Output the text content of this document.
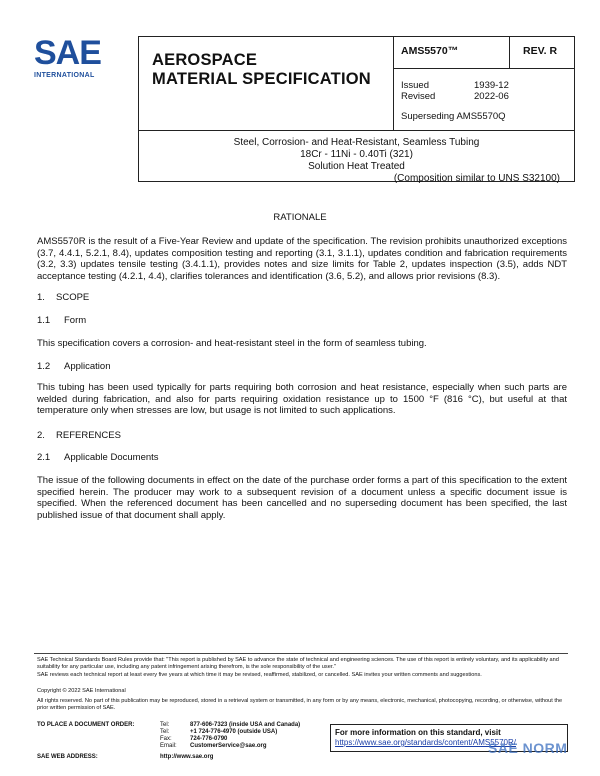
SAE
INTERNATIONAL
AEROSPACE
MATERIAL SPECIFICATION
AMS5570™	REV. R
Issued	1939-12
Revised	2022-06
Superseding AMS5570Q
Steel, Corrosion- and Heat-Resistant, Seamless Tubing
18Cr - 11Ni - 0.40Ti (321)
Solution Heat Treated
(Composition similar to UNS S32100)
RATIONALE
AMS5570R is the result of a Five-Year Review and update of the specification. The revision prohibits unauthorized exceptions (3.7, 4.4.1, 5.2.1, 8.4), updates composition testing and reporting (3.1, 3.1.1), updates condition and fabrication requirements (3.2, 3.3) updates tensile testing (3.4.1.1), provides notes and size limits for Table 2, updates inspection (3.5), adds NDT acceptance testing (4.2.1, 4.4), clarifies tolerances and identification (3.6, 5.2), and allows prior revisions (8.3).
1. SCOPE
1.1 Form
This specification covers a corrosion- and heat-resistant steel in the form of seamless tubing.
1.2 Application
This tubing has been used typically for parts requiring both corrosion and heat resistance, especially when such parts are welded during fabrication, and also for parts requiring oxidation resistance up to 1500 °F (816 °C), but useful at that temperature only when stresses are low, but usage is not limited to such applications.
2. REFERENCES
2.1 Applicable Documents
The issue of the following documents in effect on the date of the purchase order forms a part of this specification to the extent specified herein. The producer may work to a subsequent revision of a document unless a specific document issue is specified. When the referenced document has been cancelled and no superseding document has been specified, the last published issue of that document shall apply.
SAE Technical Standards Board Rules provide that: "This report is published by SAE to advance the state of technical and engineering sciences. The use of this report is entirely voluntary, and its applicability and suitability for any particular use, including any patent infringement arising therefrom, is the sole responsibility of the user."
SAE reviews each technical report at least every five years at which time it may be revised, reaffirmed, stabilized, or cancelled. SAE invites your written comments and suggestions.
Copyright © 2022 SAE International
All rights reserved. No part of this publication may be reproduced, stored in a retrieval system or transmitted, in any form or by any means, electronic, mechanical, photocopying, recording, or otherwise, without the prior written permission of SAE.
TO PLACE A DOCUMENT ORDER:	Tel:	877-606-7323 (inside USA and Canada)
Tel:	+1 724-776-4970 (outside USA)
Fax:	724-776-0790
Email: CustomerService@sae.org
SAE WEB ADDRESS:	http://www.sae.org
For more information on this standard, visit
https://www.sae.org/standards/content/AMS5570R/
SAE NORM
